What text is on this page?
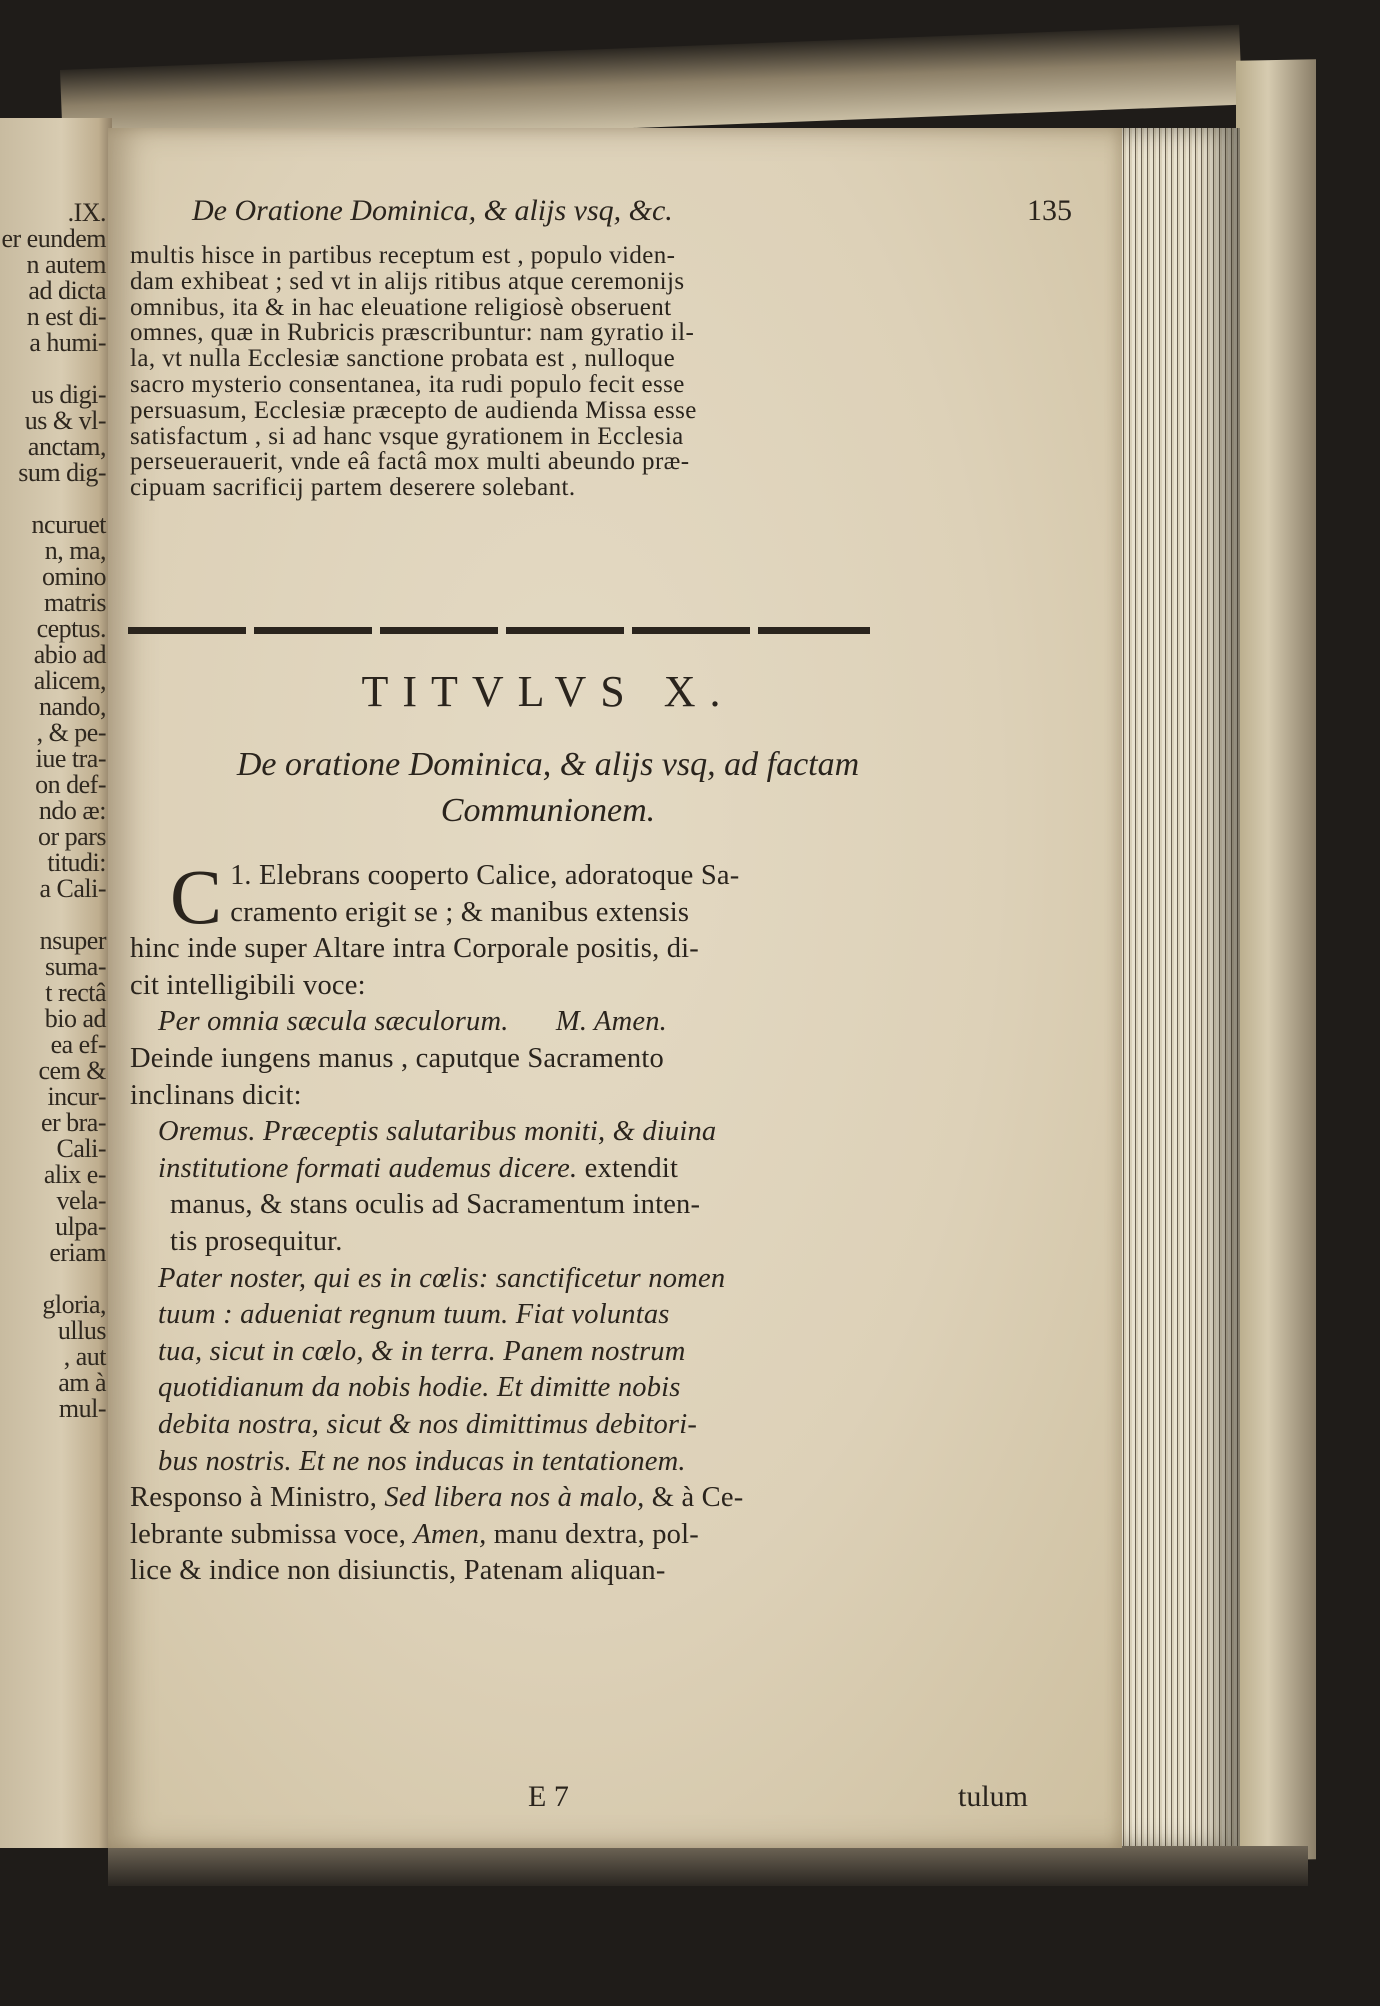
.IX.
er eundem
n autem
ad dicta
n est di-
a humi-
us digi-
us & vl-
anctam,
sum dig-
ncuruet
n, ma,
omino
matris
ceptus.
abio ad
alicem,
nando,
, & pe-
iue tra-
on def-
ndo æ:
or pars
titudi:
a Cali-
nsuper
suma-
t rectâ
bio ad
ea ef-
cem &
incur-
er bra-
Cali-
alix e-
vela-
ulpa-
eriam
gloria,
ullus
, aut
am à
mul-
De Oratione Dominica, & alijs vsq, &c.	135
multis hisce in partibus receptum est , populo viden-
dam exhibeat ; sed vt in alijs ritibus atque ceremonijs
omnibus, ita & in hac eleuatione religiosè obseruent
omnes, quæ in Rubricis præscribuntur: nam gyratio il-
la, vt nulla Ecclesiæ sanctione probata est , nulloque
sacro mysterio consentanea, ita rudi populo fecit esse
persuasum, Ecclesiæ præcepto de audienda Missa esse
satisfactum , si ad hanc vsque gyrationem in Ecclesia
perseuerauerit, vnde eâ factâ mox multi abeundo præ-
cipuam sacrificij partem deserere solebant.
TITVLVS X.
De oratione Dominica, & alijs vsq, ad factam
Communionem.
1.
C Elebrans cooperto Calice, adoratoque Sa-
cramento erigit se ; & manibus extensis
hinc inde super Altare intra Corporale positis, di-
cit intelligibili voce:
Per omnia sæcula sæculorum. M. Amen.
Deinde iungens manus , caputque Sacramento
inclinans dicit:
Oremus. Præceptis salutaribus moniti, & diuina
institutione formati audemus dicere. extendit
manus, & stans oculis ad Sacramentum inten-
tis prosequitur.
Pater noster, qui es in cœlis: sanctificetur nomen
tuum : adueniat regnum tuum. Fiat voluntas
tua, sicut in cœlo, & in terra. Panem nostrum
quotidianum da nobis hodie. Et dimitte nobis
debita nostra, sicut & nos dimittimus debitori-
bus nostris. Et ne nos inducas in tentationem.
Responso à Ministro, Sed libera nos à malo, & à Ce-
lebrante submissa voce, Amen, manu dextra, pol-
lice & indice non disiunctis, Patenam aliquan-
E 7	tulum
